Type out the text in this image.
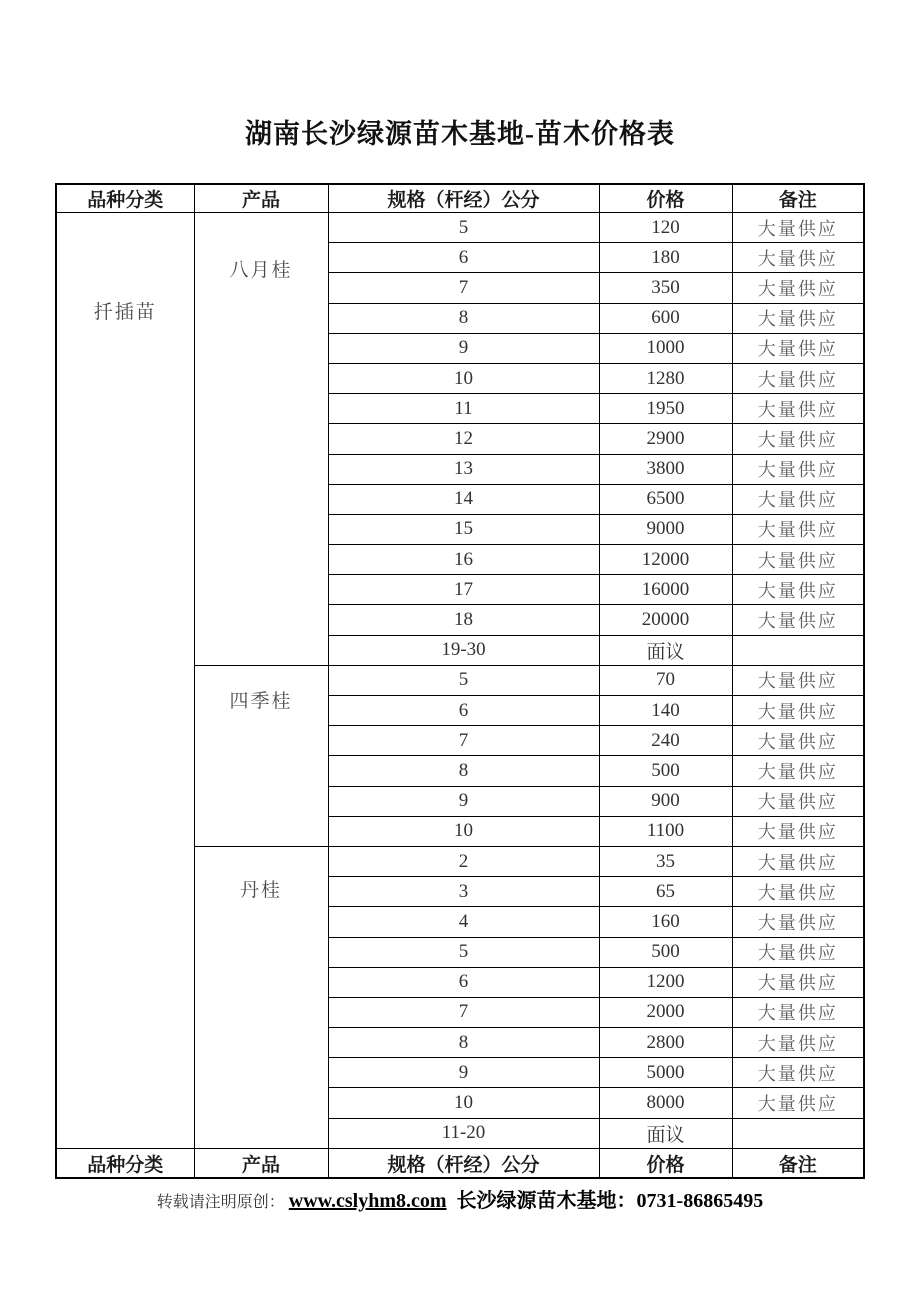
湖南长沙绿源苗木基地-苗木价格表
品种分类	产品	规格（杆经）公分	价格	备注
扦插苗	八月桂	5	120	大量供应
		6	180	大量供应
		7	350	大量供应
		8	600	大量供应
		9	1000	大量供应
		10	1280	大量供应
		11	1950	大量供应
		12	2900	大量供应
		13	3800	大量供应
		14	6500	大量供应
		15	9000	大量供应
		16	12000	大量供应
		17	16000	大量供应
		18	20000	大量供应
		19-30	面议	
	四季桂	5	70	大量供应
		6	140	大量供应
		7	240	大量供应
		8	500	大量供应
		9	900	大量供应
		10	1100	大量供应
	丹桂	2	35	大量供应
		3	65	大量供应
		4	160	大量供应
		5	500	大量供应
		6	1200	大量供应
		7	2000	大量供应
		8	2800	大量供应
		9	5000	大量供应
		10	8000	大量供应
		11-20	面议	
品种分类	产品	规格（杆经）公分	价格	备注
转载请注明原创： www.cslyhm8.com 长沙绿源苗木基地：0731-86865495
